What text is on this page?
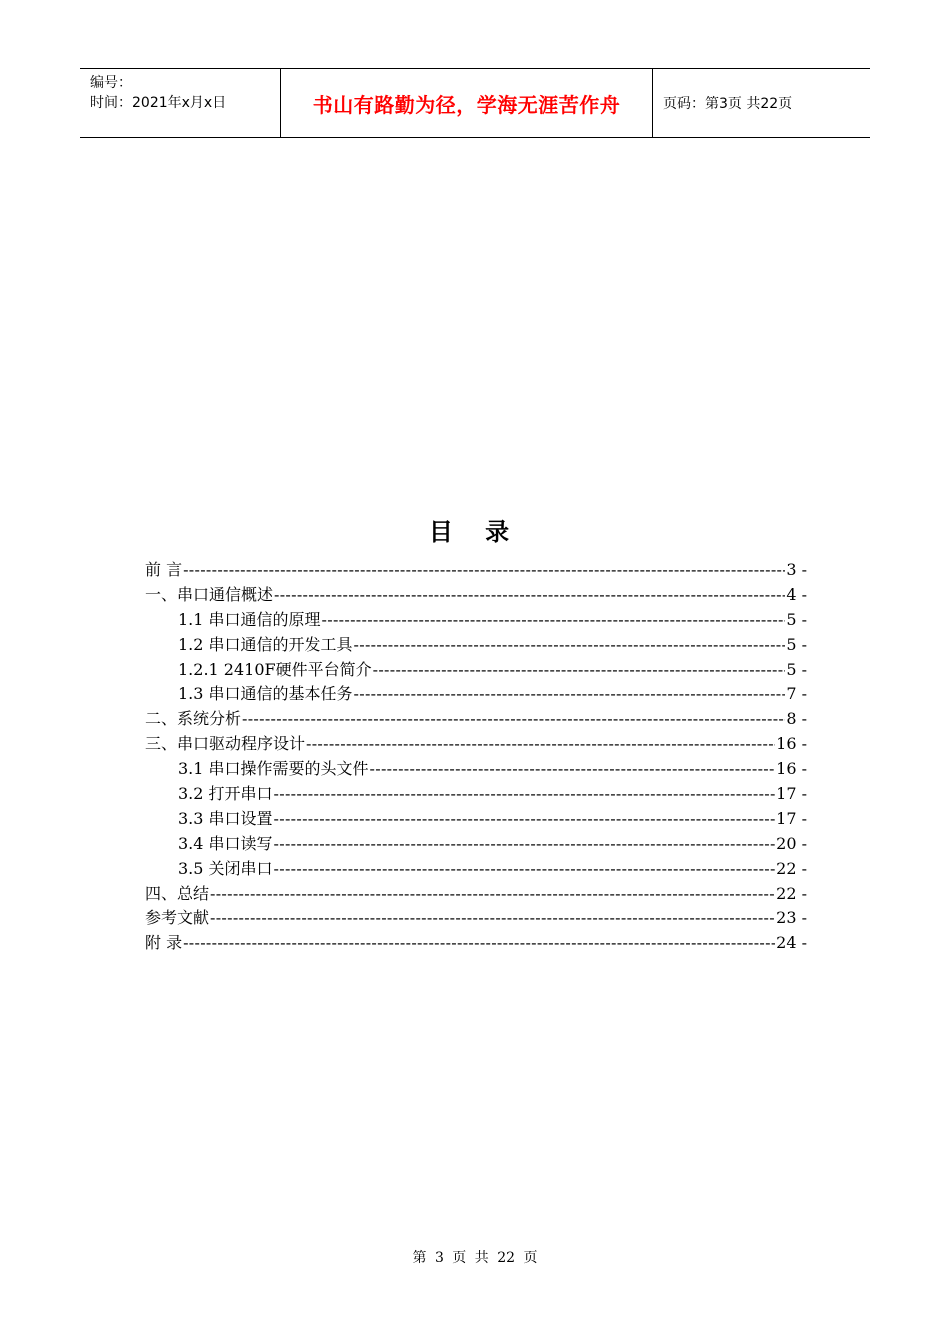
编号：
时间：2021年x月x日	书山有路勤为径，学海无涯苦作舟	页码：第3页 共22页
目 录
前 言 -----	3 -
一、串口通信概述 -----	4 -
1.1 串口通信的原理 -----	5 -
1.2 串口通信的开发工具 -----	5 -
1.2.1 2410F硬件平台简介 -----	5 -
1.3 串口通信的基本任务 -----	7 -
二、系统分析 -----	8 -
三、串口驱动程序设计 -----	16 -
3.1 串口操作需要的头文件 -----	16 -
3.2 打开串口 -----	17 -
3.3 串口设置 -----	17 -
3.4 串口读写 -----	20 -
3.5 关闭串口 -----	22 -
四、总结 -----	22 -
参考文献 -----	23 -
附 录 -----	24 -
第 3 页 共 22 页
